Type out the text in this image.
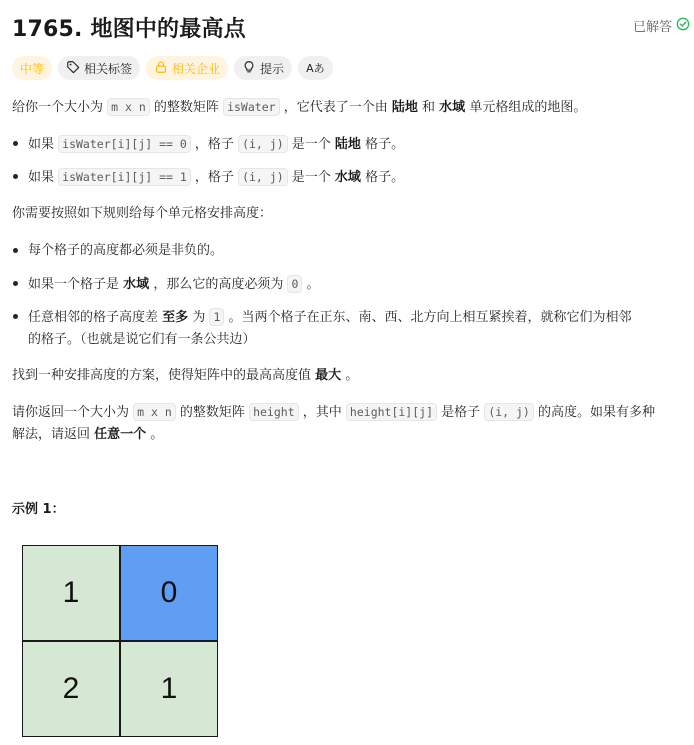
1765. 地图中的最高点	已解答
中等	相关标签	相关企业	提示 Aあ
给你一个大小为 m x n 的整数矩阵 isWater ，它代表了一个由 陆地 和 水域 单元格组成的地图。
如果 isWater[i][j] == 0 ，格子 (i, j) 是一个 陆地 格子。
如果 isWater[i][j] == 1 ，格子 (i, j) 是一个 水域 格子。
你需要按照如下规则给每个单元格安排高度：
每个格子的高度都必须是非负的。
如果一个格子是 水域 ，那么它的高度必须为 0 。
任意相邻的格子高度差 至多 为 1 。当两个格子在正东、南、西、北方向上相互紧挨着，就称它们为相邻
的格子。（也就是说它们有一条公共边）
找到一种安排高度的方案，使得矩阵中的最高高度值 最大 。
请你返回一个大小为 m x n 的整数矩阵 height ，其中 height[i][j] 是格子 (i, j) 的高度。如果有多种
解法，请返回 任意一个 。
示例 1：
1	0
2	1
